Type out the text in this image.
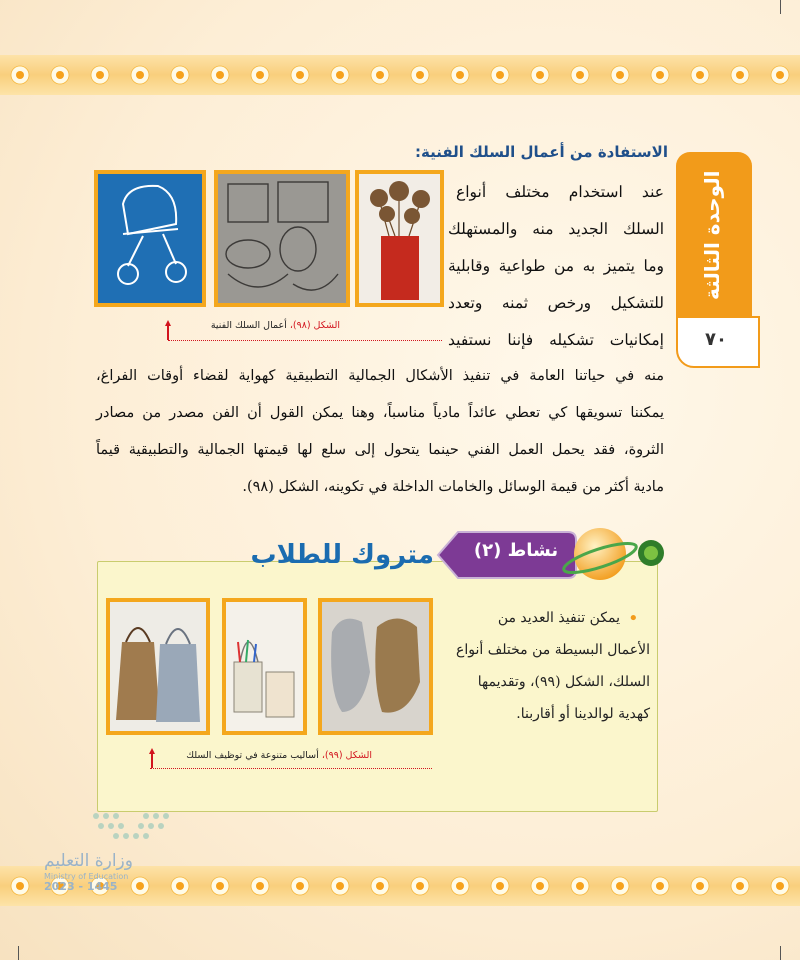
الوحدة الثالثة
٧٠
الاستفادة من أعمال السلك الفنية:
الشكل (٩٨)، أعمال السلك الفنية
عند استخدام مختلف أنواع
السلك الجديد منه والمستهلك
وما يتميز به من طواعية وقابلية
للتشكيل ورخص ثمنه وتعدد
إمكانيات تشكيله فإننا نستفيد
منه في حياتنا العامة في تنفيذ الأشكال الجمالية التطبيقية كهواية لقضاء أوقات الفراغ،
يمكننا تسويقها كي تعطي عائداً مادياً مناسباً، وهنا يمكن القول أن الفن مصدر من مصادر
الثروة، فقد يحمل العمل الفني حينما يتحول إلى سلع لها قيمتها الجمالية والتطبيقية قيماً
مادية أكثر من قيمة الوسائل والخامات الداخلة في تكوينه، الشكل (٩٨).
نشاط (٢)
متروك للطلاب
•
يمكن تنفيذ العديد من
الأعمال البسيطة من مختلف أنواع
السلك، الشكل (٩٩)، وتقديمها
كهدية لوالدينا أو أقاربنا.
الشكل (٩٩)، أساليب متنوعة في توظيف السلك
وزارة التعليم
Ministry of Education
2023 - 1445
